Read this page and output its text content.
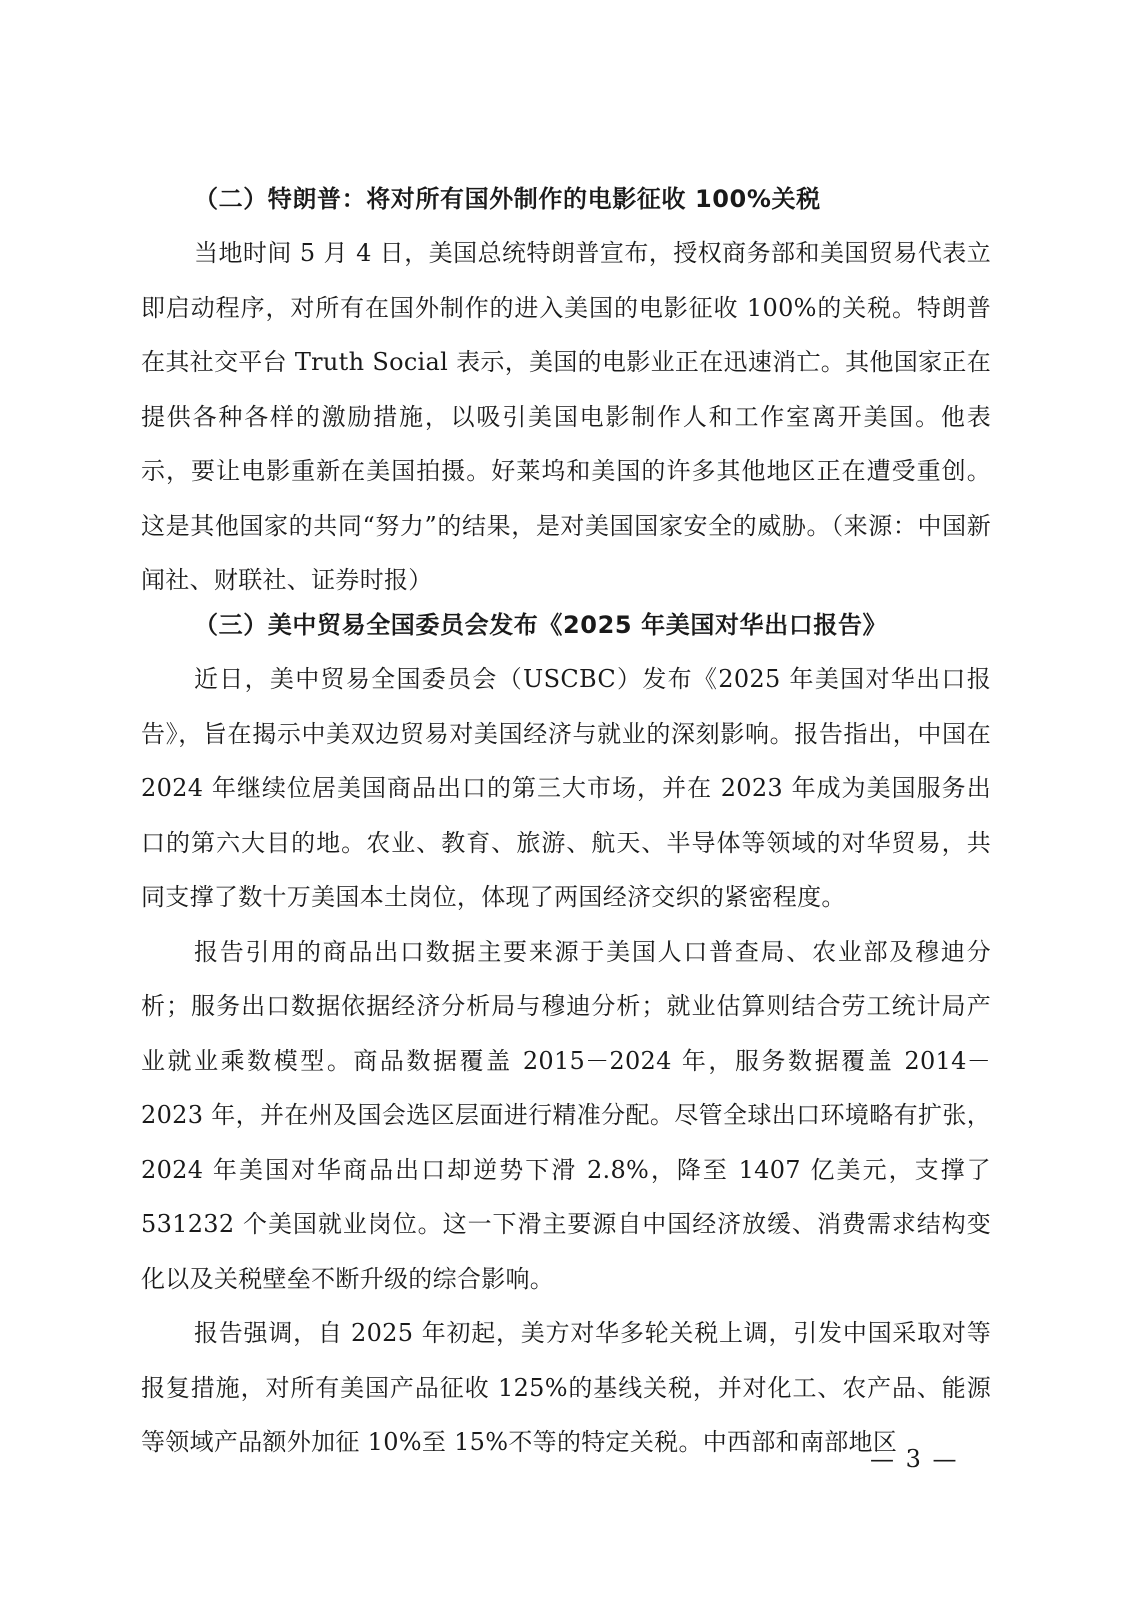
（二）特朗普：将对所有国外制作的电影征收 100%关税

当地时间 5 月 4 日，美国总统特朗普宣布，授权商务部和美国贸易代表立即启动程序，对所有在国外制作的进入美国的电影征收 100%的关税。特朗普在其社交平台 Truth Social 表示，美国的电影业正在迅速消亡。其他国家正在提供各种各样的激励措施，以吸引美国电影制作人和工作室离开美国。他表示，要让电影重新在美国拍摄。好莱坞和美国的许多其他地区正在遭受重创。这是其他国家的共同“努力”的结果，是对美国国家安全的威胁。（来源：中国新闻社、财联社、证券时报）

（三）美中贸易全国委员会发布《2025 年美国对华出口报告》

近日，美中贸易全国委员会（USCBC）发布《2025 年美国对华出口报告》，旨在揭示中美双边贸易对美国经济与就业的深刻影响。报告指出，中国在 2024 年继续位居美国商品出口的第三大市场，并在 2023 年成为美国服务出口的第六大目的地。农业、教育、旅游、航天、半导体等领域的对华贸易，共同支撑了数十万美国本土岗位，体现了两国经济交织的紧密程度。

报告引用的商品出口数据主要来源于美国人口普查局、农业部及穆迪分析；服务出口数据依据经济分析局与穆迪分析；就业估算则结合劳工统计局产业就业乘数模型。商品数据覆盖 2015－2024 年，服务数据覆盖 2014－2023 年，并在州及国会选区层面进行精准分配。尽管全球出口环境略有扩张，2024 年美国对华商品出口却逆势下滑 2.8%，降至 1407 亿美元，支撑了 531232 个美国就业岗位。这一下滑主要源自中国经济放缓、消费需求结构变化以及关税壁垒不断升级的综合影响。

报告强调，自 2025 年初起，美方对华多轮关税上调，引发中国采取对等报复措施，对所有美国产品征收 125%的基线关税，并对化工、农产品、能源等领域产品额外加征 10%至 15%不等的特定关税。中西部和南部地区

— 3 —
